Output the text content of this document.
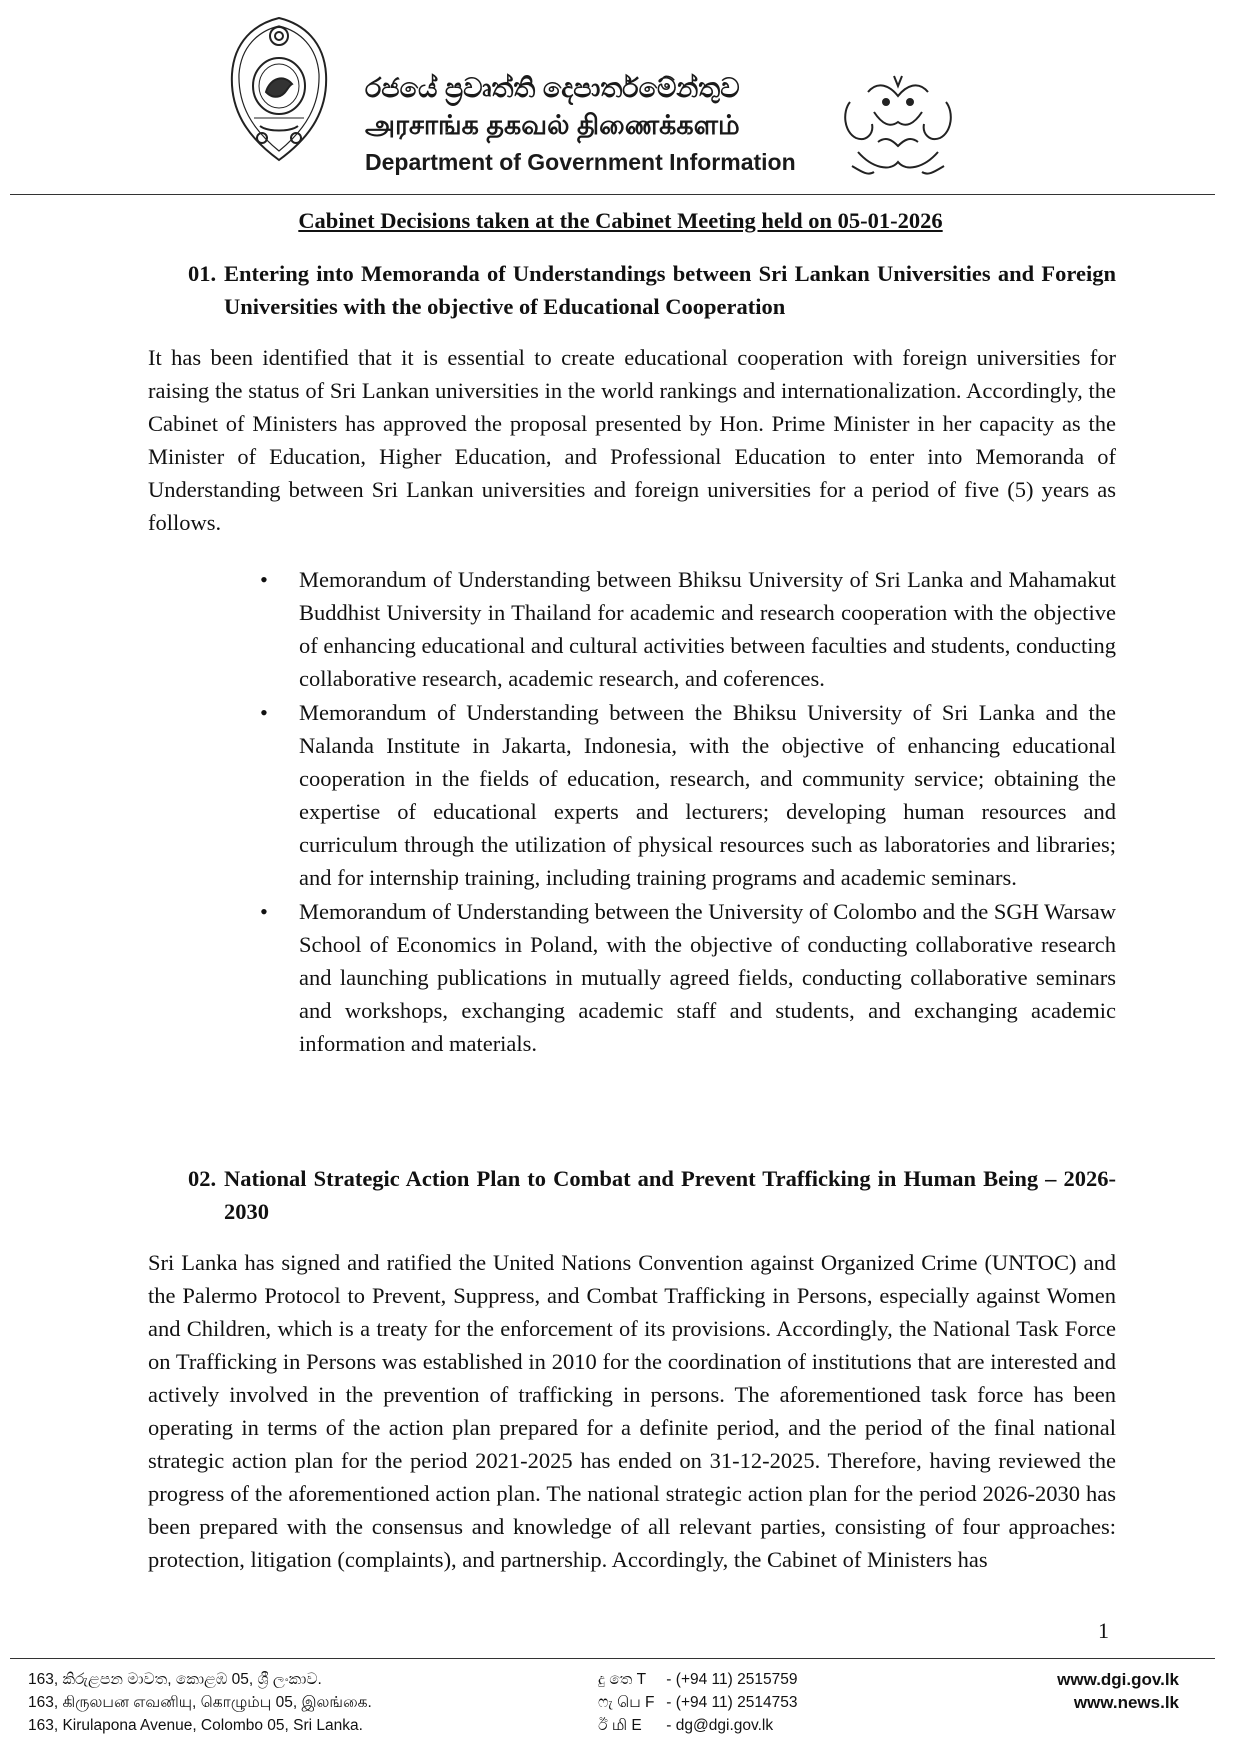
රජයේ ප්‍රවෘත්ති දෙපාර්තමේන්තුව
அரசாங்க தகவல் திணைக்களம்
Department of Government Information
Cabinet Decisions taken at the Cabinet Meeting held on 05-01-2026
01. Entering into Memoranda of Understandings between Sri Lankan Universities and Foreign Universities with the objective of Educational Cooperation

It has been identified that it is essential to create educational cooperation with foreign universities for raising the status of Sri Lankan universities in the world rankings and internationalization. Accordingly, the Cabinet of Ministers has approved the proposal presented by Hon. Prime Minister in her capacity as the Minister of Education, Higher Education, and Professional Education to enter into Memoranda of Understanding between Sri Lankan universities and foreign universities for a period of five (5) years as follows.

• Memorandum of Understanding between Bhiksu University of Sri Lanka and Mahamakut Buddhist University in Thailand for academic and research cooperation with the objective of enhancing educational and cultural activities between faculties and students, conducting collaborative research, academic research, and coferences.
• Memorandum of Understanding between the Bhiksu University of Sri Lanka and the Nalanda Institute in Jakarta, Indonesia, with the objective of enhancing educational cooperation in the fields of education, research, and community service; obtaining the expertise of educational experts and lecturers; developing human resources and curriculum through the utilization of physical resources such as laboratories and libraries; and for internship training, including training programs and academic seminars.
• Memorandum of Understanding between the University of Colombo and the SGH Warsaw School of Economics in Poland, with the objective of conducting collaborative research and launching publications in mutually agreed fields, conducting collaborative seminars and workshops, exchanging academic staff and students, and exchanging academic information and materials.
02. National Strategic Action Plan to Combat and Prevent Trafficking in Human Being – 2026- 2030

Sri Lanka has signed and ratified the United Nations Convention against Organized Crime (UNTOC) and the Palermo Protocol to Prevent, Suppress, and Combat Trafficking in Persons, especially against Women and Children, which is a treaty for the enforcement of its provisions. Accordingly, the National Task Force on Trafficking in Persons was established in 2010 for the coordination of institutions that are interested and actively involved in the prevention of trafficking in persons. The aforementioned task force has been operating in terms of the action plan prepared for a definite period, and the period of the final national strategic action plan for the period 2021-2025 has ended on 31-12-2025. Therefore, having reviewed the progress of the aforementioned action plan. The national strategic action plan for the period 2026-2030 has been prepared with the consensus and knowledge of all relevant parties, consisting of four approaches: protection, litigation (complaints), and partnership. Accordingly, the Cabinet of Ministers has

1
163, කිරුළපන මාවත, කොළඹ 05, ශ්‍රී ලංකාව.
163, கிருலபன எவனியு, கொழும்பு 05, இலங்கை.
163, Kirulapona Avenue, Colombo 05, Sri Lanka.
දු තෙ T - (+94 11) 2515759
ෆැ பெ F - (+94 11) 2514753
ඊ மி E - dg@dgi.gov.lk
www.dgi.gov.lk
www.news.lk
